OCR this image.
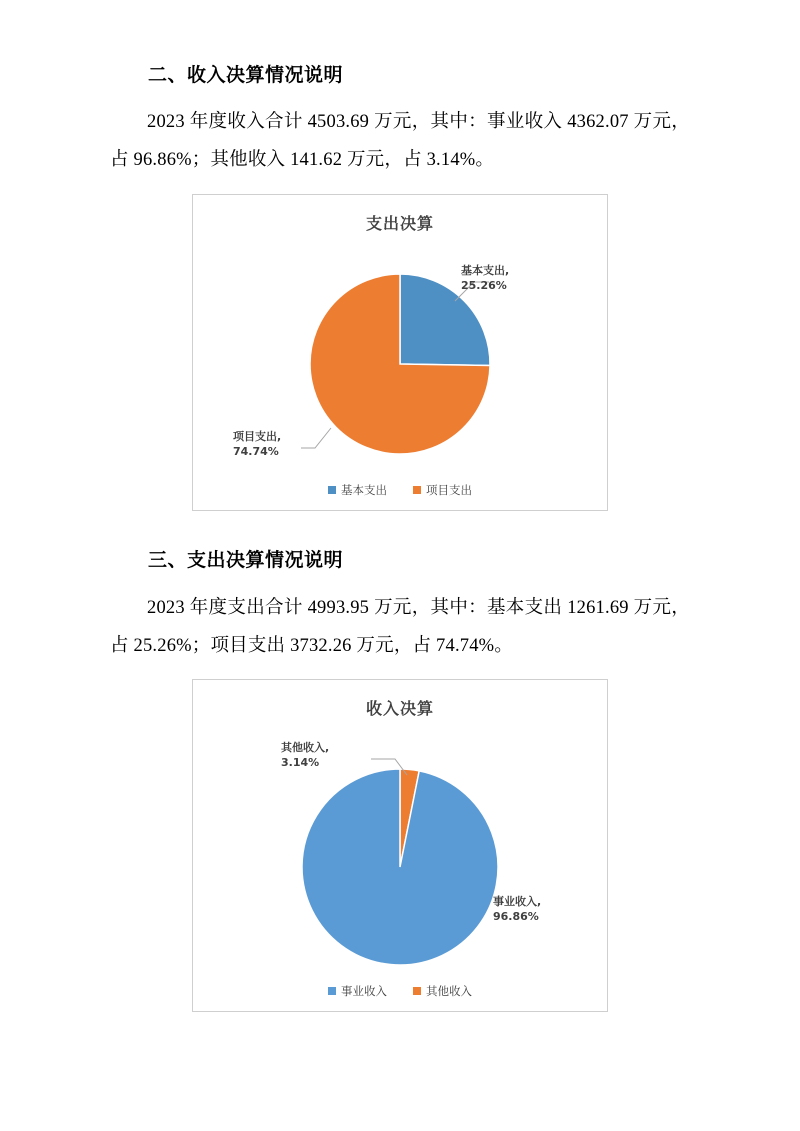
二、收入决算情况说明

2023 年度收入合计 4503.69 万元，其中：事业收入 4362.07 万元，占 96.86%；其他收入 141.62 万元，占 3.14%。

支出决算
基本支出,
25.26%
项目支出,
74.74%
基本支出	项目支出
三、支出决算情况说明

2023 年度支出合计 4993.95 万元，其中：基本支出 1261.69 万元，占 25.26%；项目支出 3732.26 万元，占 74.74%。

收入决算
其他收入,
3.14%
事业收入,
96.86%
事业收入	其他收入
